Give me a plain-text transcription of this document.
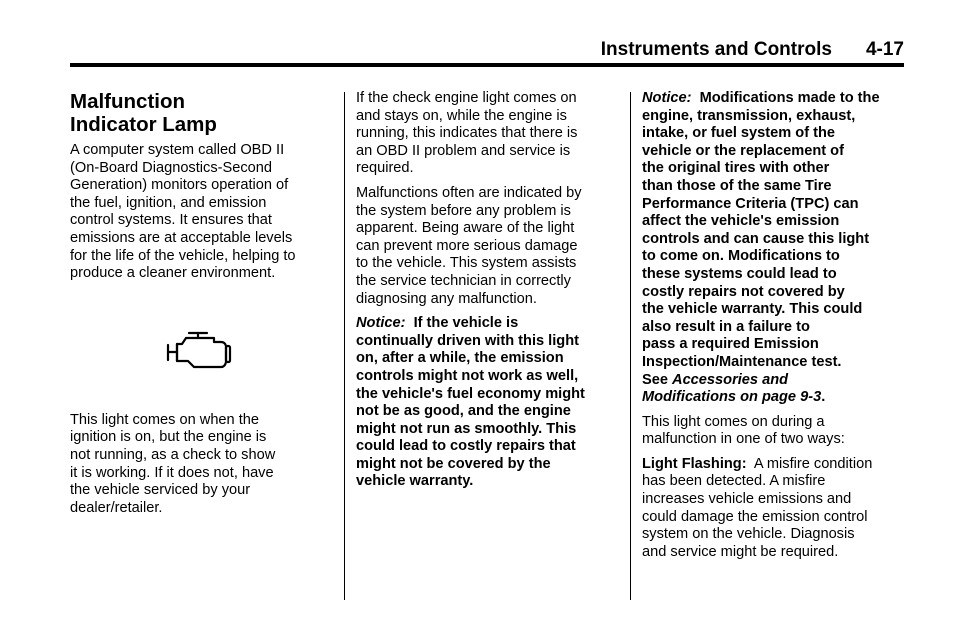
Instruments and Controls 4-17
Malfunction
Indicator Lamp

A computer system called OBD II
(On-Board Diagnostics-Second
Generation) monitors operation of
the fuel, ignition, and emission
control systems. It ensures that
emissions are at acceptable levels
for the life of the vehicle, helping to
produce a cleaner environment.

This light comes on when the
ignition is on, but the engine is
not running, as a check to show
it is working. If it does not, have
the vehicle serviced by your
dealer/retailer.

If the check engine light comes on
and stays on, while the engine is
running, this indicates that there is
an OBD II problem and service is
required.

Malfunctions often are indicated by
the system before any problem is
apparent. Being aware of the light
can prevent more serious damage
to the vehicle. This system assists
the service technician in correctly
diagnosing any malfunction.

Notice: If the vehicle is
continually driven with this light
on, after a while, the emission
controls might not work as well,
the vehicle's fuel economy might
not be as good, and the engine
might not run as smoothly. This
could lead to costly repairs that
might not be covered by the
vehicle warranty.

Notice: Modifications made to the
engine, transmission, exhaust,
intake, or fuel system of the
vehicle or the replacement of
the original tires with other
than those of the same Tire
Performance Criteria (TPC) can
affect the vehicle's emission
controls and can cause this light
to come on. Modifications to
these systems could lead to
costly repairs not covered by
the vehicle warranty. This could
also result in a failure to
pass a required Emission
Inspection/Maintenance test.
See Accessories and
Modifications on page 9-3.

This light comes on during a
malfunction in one of two ways:

Light Flashing: A misfire condition
has been detected. A misfire
increases vehicle emissions and
could damage the emission control
system on the vehicle. Diagnosis
and service might be required.
